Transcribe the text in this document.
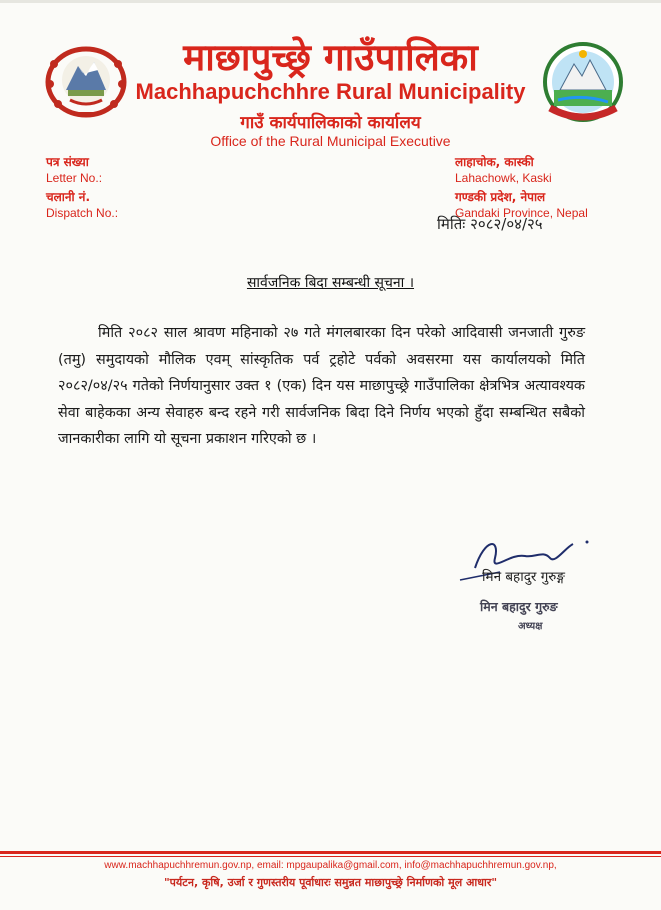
माछापुच्छ्रे गाउँपालिका
Machhapuchchhre Rural Municipality
गाउँ कार्यपालिकाको कार्यालय
Office of the Rural Municipal Executive
पत्र संख्या
Letter No.:
चलानी नं.
Dispatch No.:
लाहाचोक, कास्की
Lahachowk, Kaski
गण्डकी प्रदेश, नेपाल
Gandaki Province, Nepal
मितिः २०८२/०४/२५
सार्वजनिक बिदा सम्बन्धी सूचना ।
मिति २०८२ साल श्रावण महिनाको २७ गते मंगलबारका दिन परेको आदिवासी जनजाती गुरुङ (तमु) समुदायको मौलिक एवम् सांस्कृतिक पर्व ट्रहोटे पर्वको अवसरमा यस कार्यालयको मिति २०८२/०४/२५ गतेको निर्णयानुसार उक्त १ (एक) दिन यस माछापुच्छ्रे गाउँपालिका क्षेत्रभित्र अत्यावश्यक सेवा बाहेकका अन्य सेवाहरु बन्द रहने गरी सार्वजनिक बिदा दिने निर्णय भएको हुँदा सम्बन्धित सबैको जानकारीका लागि यो सूचना प्रकाशन गरिएको छ ।
मिन बहादुर गुरुङ्ग
मिन बहादुर गुरुङ
अध्यक्ष
www.machhapuchhremun.gov.np, email: mpgaupalika@gmail.com, info@machhapuchhremun.gov.np,
"पर्यटन, कृषि, उर्जा र गुणस्तरीय पूर्वाधारः समुन्नत माछापुच्छ्रे निर्माणको मूल आधार"
